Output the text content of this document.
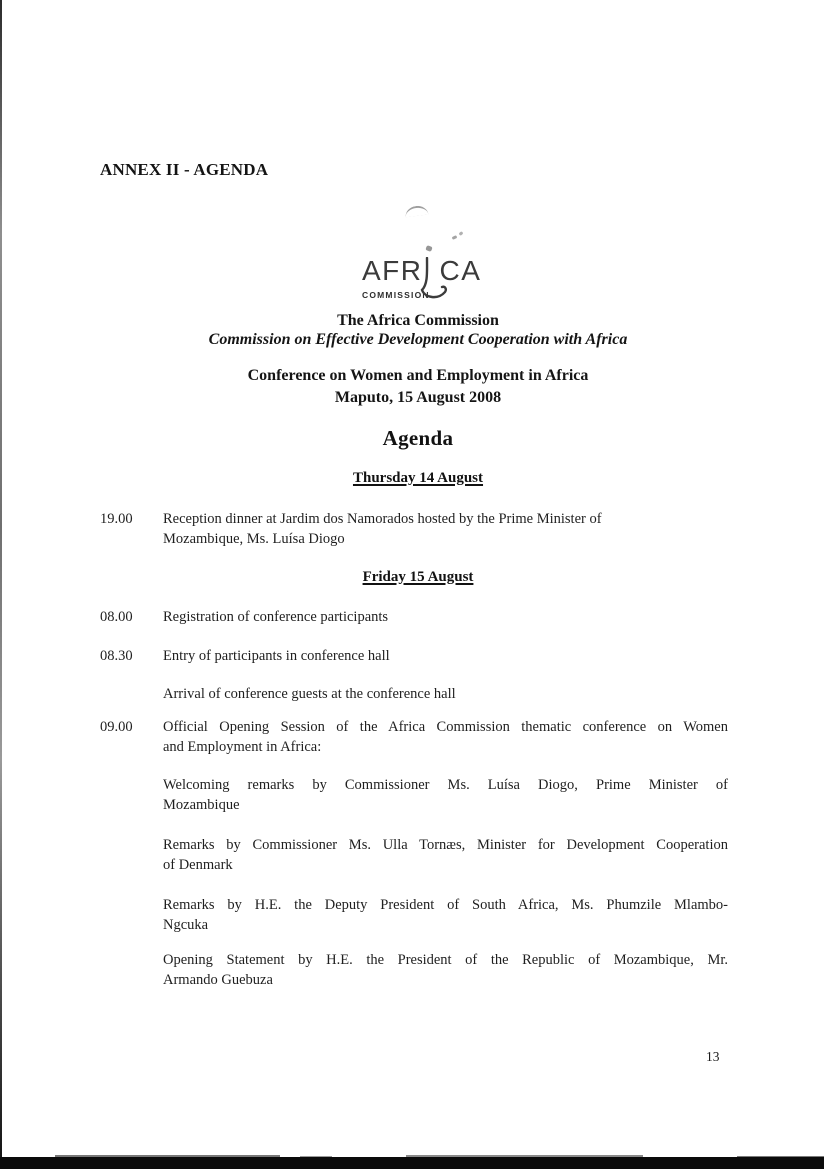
ANNEX II - AGENDA
AFR CA
COMMISSION
The Africa Commission
Commission on Effective Development Cooperation with Africa
Conference on Women and Employment in Africa
Maputo, 15 August 2008
Agenda
Thursday 14 August
19.00 Reception dinner at Jardim dos Namorados hosted by the Prime Minister of
Mozambique, Ms. Luísa Diogo
Friday 15 August
08.00 Registration of conference participants
08.30 Entry of participants in conference hall
Arrival of conference guests at the conference hall
09.00 Official Opening Session of the Africa Commission thematic conference on Women
and Employment in Africa:
Welcoming remarks by Commissioner Ms. Luísa Diogo, Prime Minister of
Mozambique
Remarks by Commissioner Ms. Ulla Tornæs, Minister for Development Cooperation
of Denmark
Remarks by H.E. the Deputy President of South Africa, Ms. Phumzile Mlambo-
Ngcuka
Opening Statement by H.E. the President of the Republic of Mozambique, Mr.
Armando Guebuza
13
